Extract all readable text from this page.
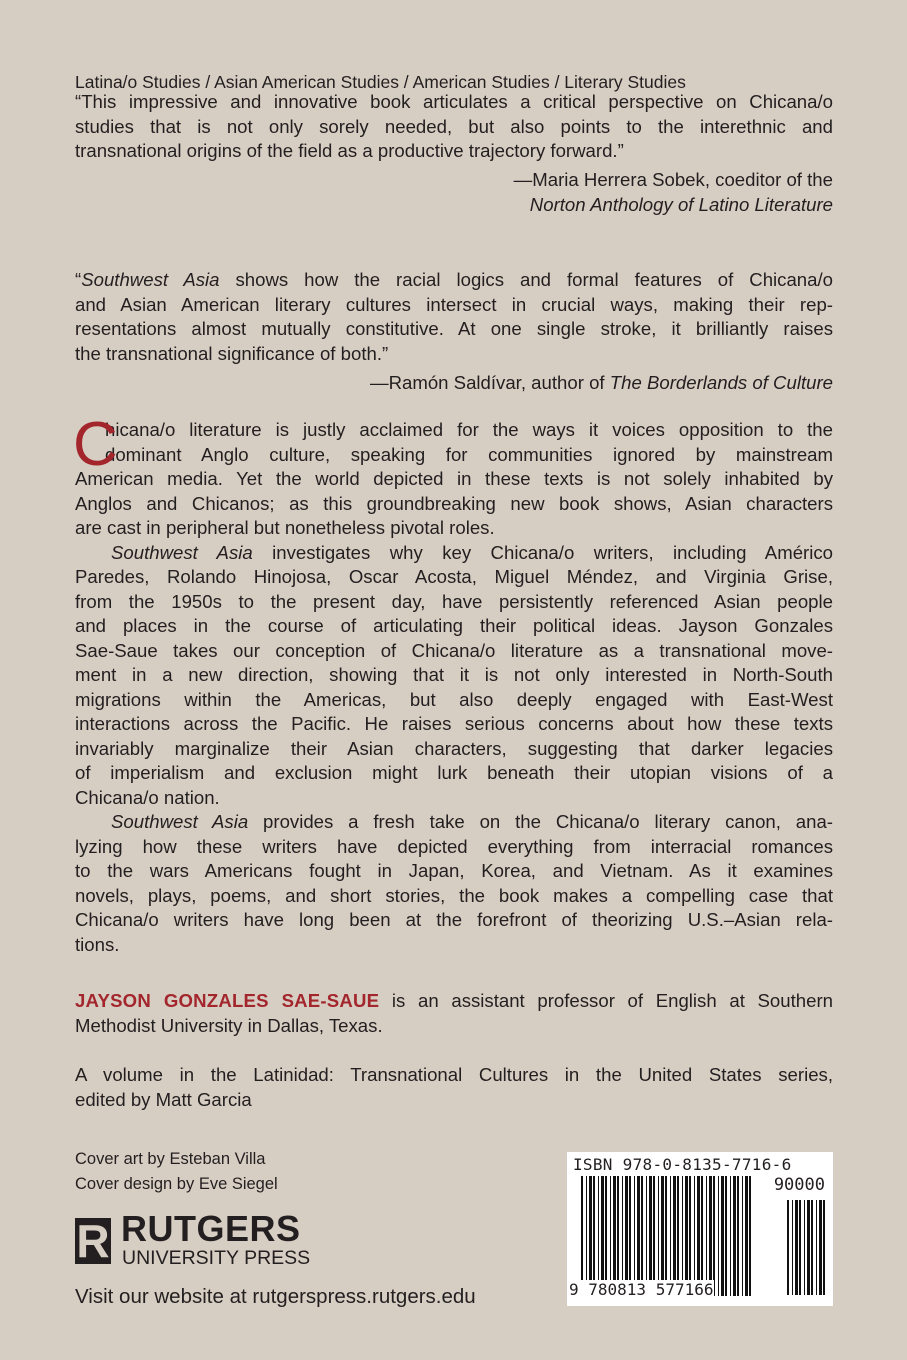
Latina/o Studies / Asian American Studies / American Studies / Literary Studies
“This impressive and innovative book articulates a critical perspective on Chicana/o
studies that is not only sorely needed, but also points to the interethnic and
transnational origins of the field as a productive trajectory forward.”
—Maria Herrera Sobek, coeditor of the
Norton Anthology of Latino Literature
“Southwest Asia shows how the racial logics and formal features of Chicana/o
and Asian American literary cultures intersect in crucial ways, making their rep-
resentations almost mutually constitutive. At one single stroke, it brilliantly raises
the transnational significance of both.”
—Ramón Saldívar, author of The Borderlands of Culture
C
hicana/o literature is justly acclaimed for the ways it voices opposition to the
dominant Anglo culture, speaking for communities ignored by mainstream
American media. Yet the world depicted in these texts is not solely inhabited by
Anglos and Chicanos; as this groundbreaking new book shows, Asian characters
are cast in peripheral but nonetheless pivotal roles.
Southwest Asia investigates why key Chicana/o writers, including Américo
Paredes, Rolando Hinojosa, Oscar Acosta, Miguel Méndez, and Virginia Grise,
from the 1950s to the present day, have persistently referenced Asian people
and places in the course of articulating their political ideas. Jayson Gonzales
Sae-Saue takes our conception of Chicana/o literature as a transnational move-
ment in a new direction, showing that it is not only interested in North-South
migrations within the Americas, but also deeply engaged with East-West
interactions across the Pacific. He raises serious concerns about how these texts
invariably marginalize their Asian characters, suggesting that darker legacies
of imperialism and exclusion might lurk beneath their utopian visions of a
Chicana/o nation.
Southwest Asia provides a fresh take on the Chicana/o literary canon, ana-
lyzing how these writers have depicted everything from interracial romances
to the wars Americans fought in Japan, Korea, and Vietnam. As it examines
novels, plays, poems, and short stories, the book makes a compelling case that
Chicana/o writers have long been at the forefront of theorizing U.S.–Asian rela-
tions.
JAYSON GONZALES SAE-SAUE is an assistant professor of English at Southern
Methodist University in Dallas, Texas.
A volume in the Latinidad: Transnational Cultures in the United States series,
edited by Matt Garcia
Cover art by Esteban Villa
Cover design by Eve Siegel
R RUTGERS
UNIVERSITY PRESS
Visit our website at rutgerspress.rutgers.edu
ISBN 978-0-8135-7716-6
90000
9 780813 577166
